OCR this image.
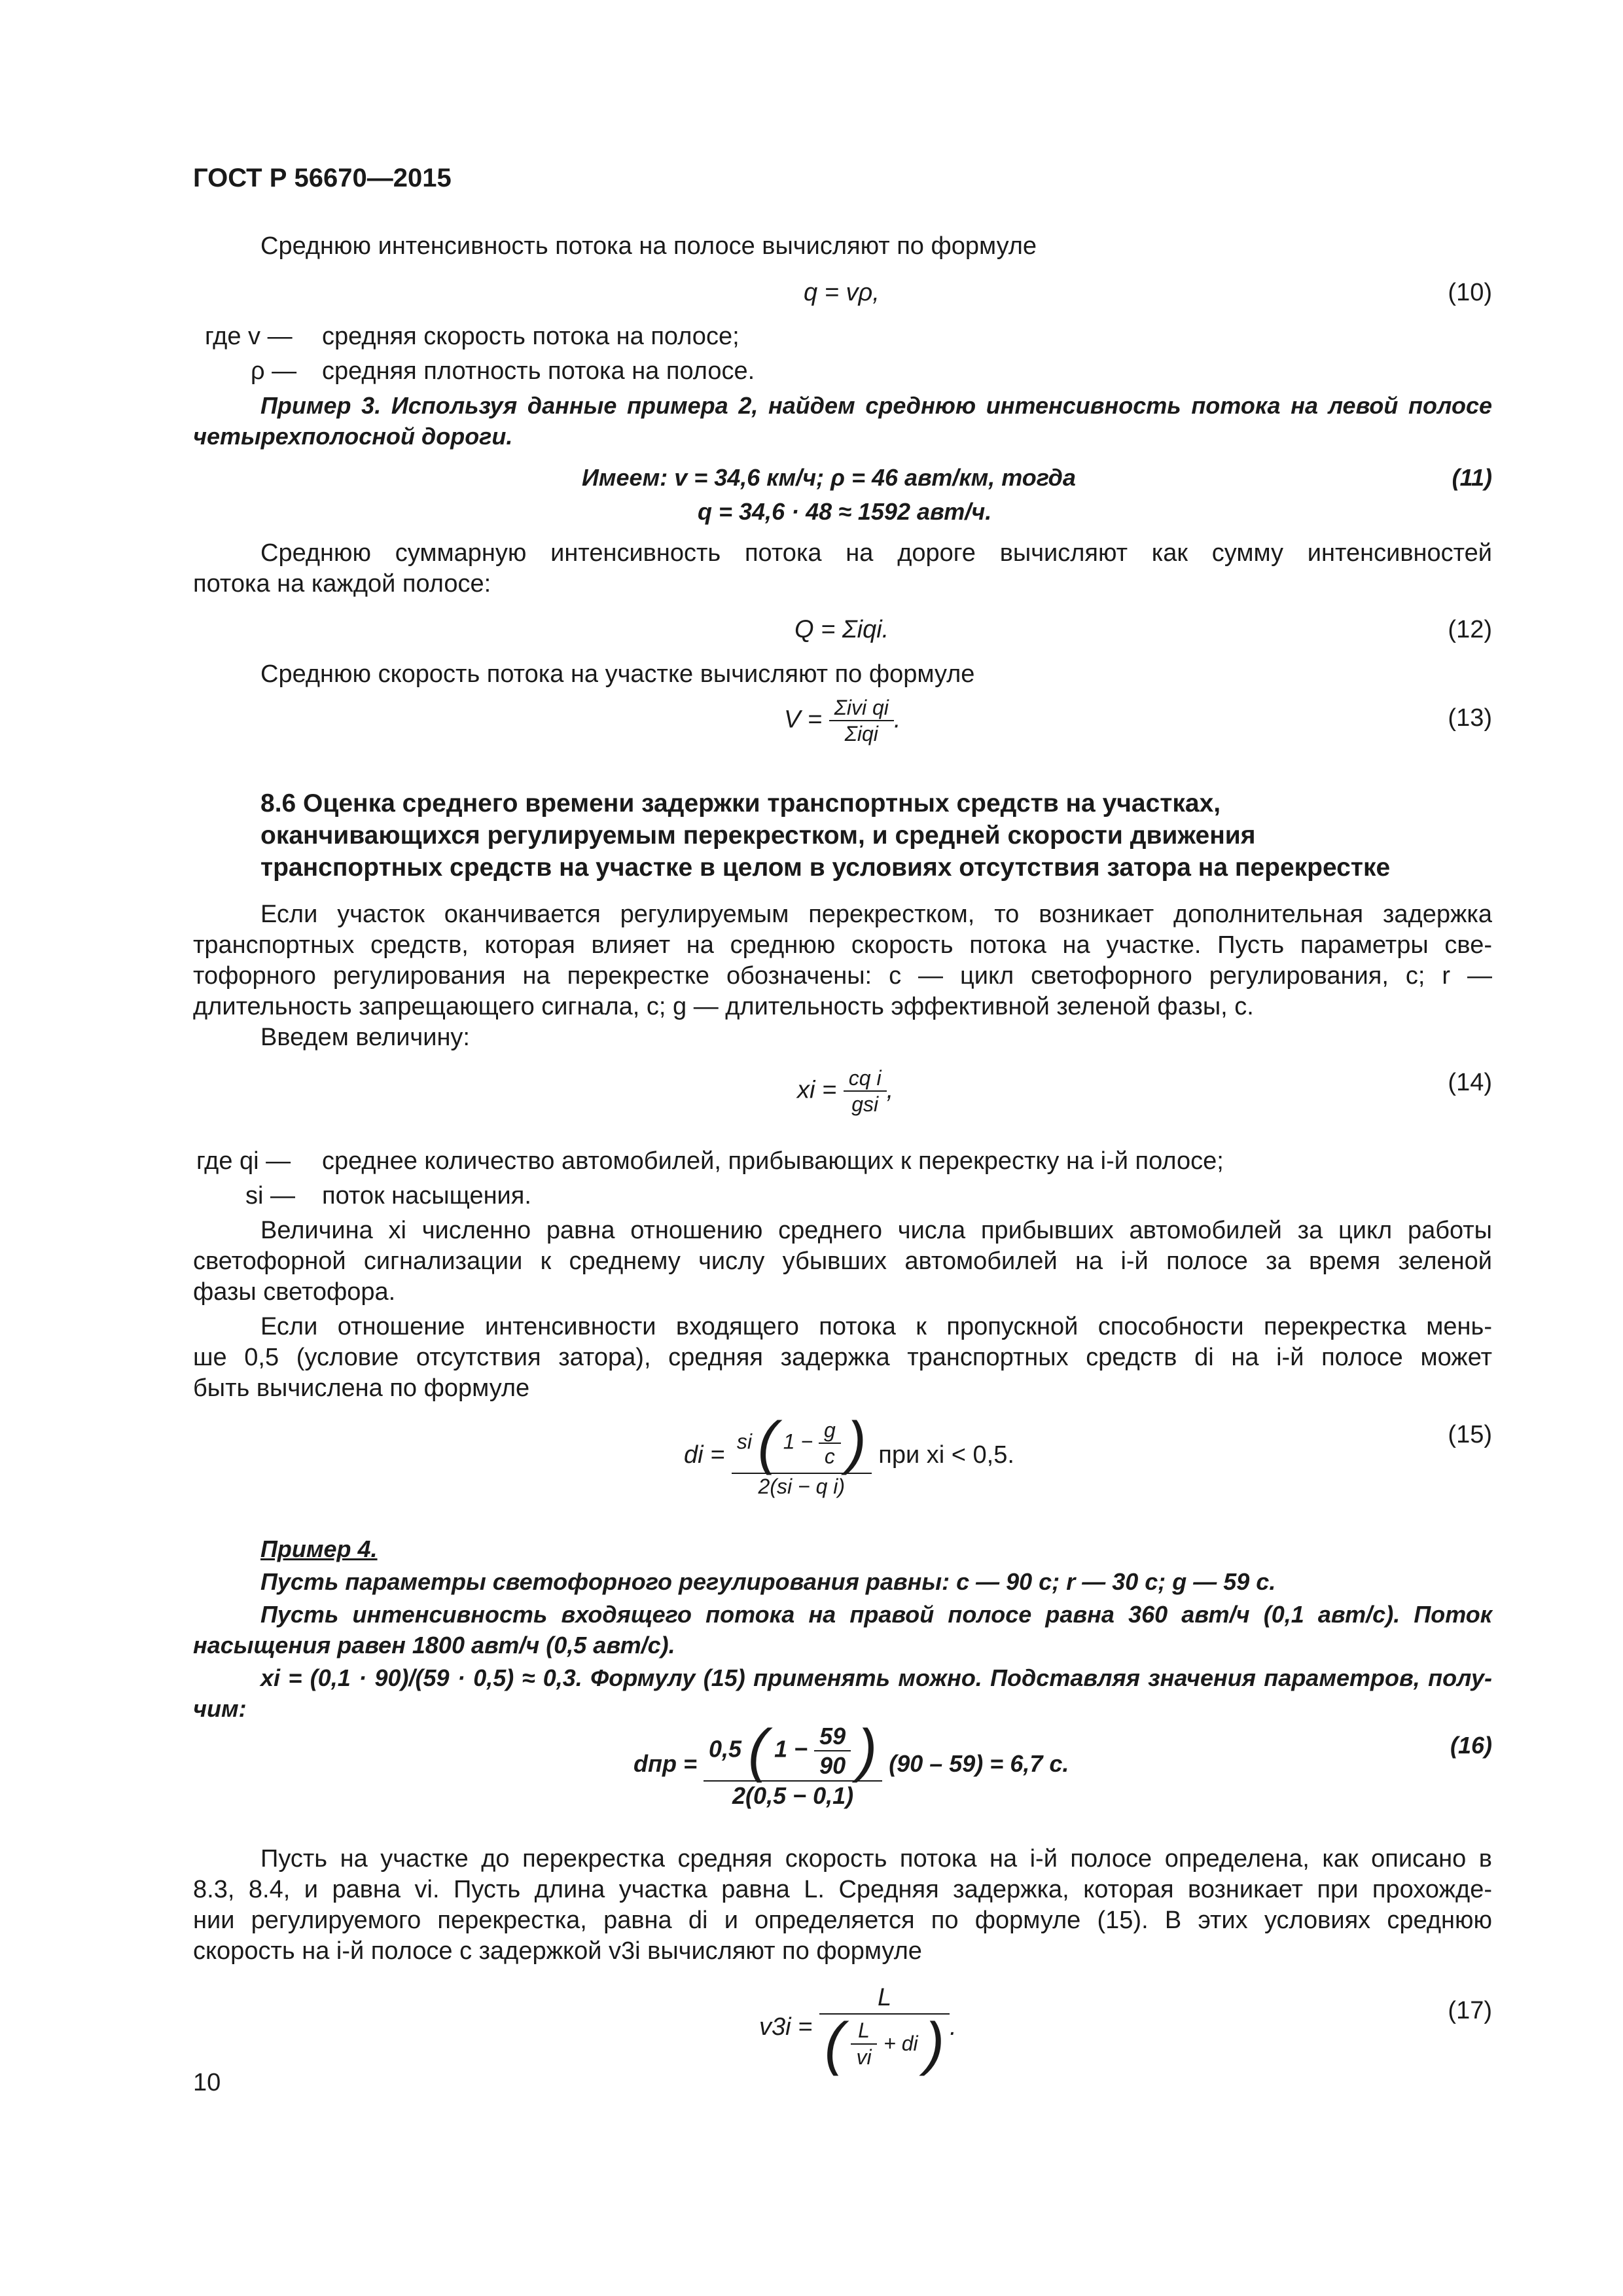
ГОСТ Р 56670—2015
Среднюю интенсивность потока на полосе вычисляют по формуле
q = vρ,	(10)
где v — средняя скорость потока на полосе;
ρ — средняя плотность потока на полосе.
Пример 3. Используя данные примера 2, найдем среднюю интенсивность потока на левой полосе
четырехполосной дороги.
Имеем: v = 34,6 км/ч; ρ = 46 авт/км, тогда	(11)
q = 34,6 · 48 ≈ 1592 авт/ч.
Среднюю суммарную интенсивность потока на дороге вычисляют как сумму интенсивностей
потока на каждой полосе:
Q = Σiqi.	(12)
Среднюю скорость потока на участке вычисляют по формуле
$V = \frac{\text{Σivi qi}}{\text{Σiqi}}$ .	(13)
8.6 Оценка среднего времени задержки транспортных средств на участках,
оканчивающихся регулируемым перекрестком, и средней скорости движения
транспортных средств на участке в целом в условиях отсутствия затора на перекрестке
Если участок оканчивается регулируемым перекрестком, то возникает дополнительная задержка
транспортных средств, которая влияет на среднюю скорость потока на участке. Пусть параметры све-
тофорного регулирования на перекрестке обозначены: c — цикл светофорного регулирования, с; r —
длительность запрещающего сигнала, с; g — длительность эффективной зеленой фазы, с.
Введем величину:
xi = $\frac{\text{cq i}}{\text{gsi}}$ ,	(14)
где qi — среднее количество автомобилей, прибывающих к перекрестку на i-й полосе;
si — поток насыщения.
Величина xi численно равна отношению среднего числа прибывших автомобилей за цикл работы
светофорной сигнализации к среднему числу убывших автомобилей на i-й полосе за время зеленой
фазы светофора.
Если отношение интенсивности входящего потока к пропускной способности перекрестка мень-
ше 0,5 (условие отсутствия затора), средняя задержка транспортных средств di на i-й полосе может
быть вычислена по формуле
di = si ( $1 - \frac{g}{c}$ )
2(si − q i)
при xi < 0,5.
(15)
Пример 4.
Пусть параметры светофорного регулирования равны: c — 90 с; r — 30 с; g — 59 с.
Пусть интенсивность входящего потока на правой полосе равна 360 авт/ч (0,1 авт/с). Поток
насыщения равен 1800 авт/ч (0,5 авт/с).
xi = (0,1 · 90)/(59 · 0,5) ≈ 0,3. Формулу (15) применять можно. Подставляя значения параметров, полу-
чим:
dпр =
0,5 ( $1 - \frac{59}{90}$ )
2(0,5 − 0,1)
(90 – 59) = 6,7 с.
(16)
Пусть на участке до перекрестка средняя скорость потока на i-й полосе определена, как описано в
8.3, 8.4, и равна vi. Пусть длина участка равна L. Средняя задержка, которая возникает при прохожде-
нии регулируемого перекрестка, равна di и определяется по формуле (15). В этих условиях среднюю
скорость на i-й полосе с задержкой v3i вычисляют по формуле
$v3i = \frac{L}{( \frac{L}{vi} + di )}$ .
(17)
10
